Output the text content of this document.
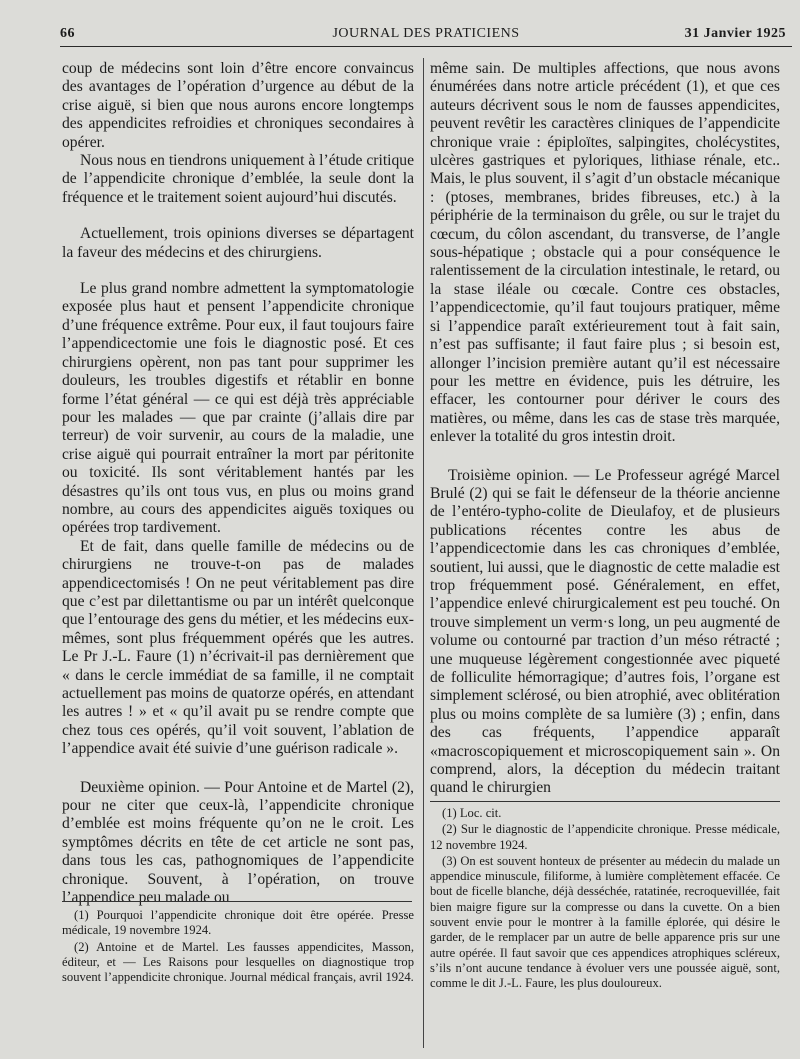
66	JOURNAL DES PRATICIENS	31 Janvier 1925

coup de médecins sont loin d’être encore convaincus des avantages de l’opération d’urgence au début de la crise aiguë, si bien que nous aurons encore longtemps des appendicites refroidies et chroniques secondaires à opérer.

Nous nous en tiendrons uniquement à l’étude critique de l’appendicite chronique d’emblée, la seule dont la fréquence et le traitement soient aujourd’hui discutés.

Actuellement, trois opinions diverses se départagent la faveur des médecins et des chirurgiens.

Le plus grand nombre admettent la symptomatologie exposée plus haut et pensent l’appendicite chronique d’une fréquence extrême. Pour eux, il faut toujours faire l’appendicectomie une fois le diagnostic posé. Et ces chirurgiens opèrent, non pas tant pour supprimer les douleurs, les troubles digestifs et rétablir en bonne forme l’état général — ce qui est déjà très appréciable pour les malades — que par crainte (j’allais dire par terreur) de voir survenir, au cours de la maladie, une crise aiguë qui pourrait entraîner la mort par péritonite ou toxicité. Ils sont véritablement hantés par les désastres qu’ils ont tous vus, en plus ou moins grand nombre, au cours des appendicites aiguës toxiques ou opérées trop tardivement.

Et de fait, dans quelle famille de médecins ou de chirurgiens ne trouve-t-on pas de malades appendicectomisés ! On ne peut véritablement pas dire que c’est par dilettantisme ou par un intérêt quelconque que l’entourage des gens du métier, et les médecins eux-mêmes, sont plus fréquemment opérés que les autres. Le Pr J.-L. Faure (1) n’écrivait-il pas dernièrement que « dans le cercle immédiat de sa famille, il ne comptait actuellement pas moins de quatorze opérés, en attendant les autres ! » et « qu’il avait pu se rendre compte que chez tous ces opérés, qu’il voit souvent, l’ablation de l’appendice avait été suivie d’une guérison radicale ».

Deuxième opinion. — Pour Antoine et de Martel (2), pour ne citer que ceux-là, l’appendicite chronique d’emblée est moins fréquente qu’on ne le croit. Les symptômes décrits en tête de cet article ne sont pas, dans tous les cas, pathognomiques de l’appendicite chronique. Souvent, à l’opération, on trouve l’appendice peu malade ou

même sain. De multiples affections, que nous avons énumérées dans notre article précédent (1), et que ces auteurs décrivent sous le nom de fausses appendicites, peuvent revêtir les caractères cliniques de l’appendicite chronique vraie : épiploïtes, salpingites, cholécystites, ulcères gastriques et pyloriques, lithiase rénale, etc.. Mais, le plus souvent, il s’agit d’un obstacle mécanique : (ptoses, membranes, brides fibreuses, etc.) à la périphérie de la terminaison du grêle, ou sur le trajet du cœcum, du côlon ascendant, du transverse, de l’angle sous-hépatique ; obstacle qui a pour conséquence le ralentissement de la circulation intestinale, le retard, ou la stase iléale ou cœcale. Contre ces obstacles, l’appendicectomie, qu’il faut toujours pratiquer, même si l’appendice paraît extérieurement tout à fait sain, n’est pas suffisante; il faut faire plus ; si besoin est, allonger l’incision première autant qu’il est nécessaire pour les mettre en évidence, puis les détruire, les effacer, les contourner pour dériver le cours des matières, ou même, dans les cas de stase très marquée, enlever la totalité du gros intestin droit.

Troisième opinion. — Le Professeur agrégé Marcel Brulé (2) qui se fait le défenseur de la théorie ancienne de l’entéro-typho-colite de Dieulafoy, et de plusieurs publications récentes contre les abus de l’appendicectomie dans les cas chroniques d’emblée, soutient, lui aussi, que le diagnostic de cette maladie est trop fréquemment posé. Généralement, en effet, l’appendice enlevé chirurgicalement est peu touché. On trouve simplement un verm·s long, un peu augmenté de volume ou contourné par traction d’un méso rétracté ; une muqueuse légèrement congestionnée avec piqueté de folliculite hémorragique; d’autres fois, l’organe est simplement sclérosé, ou bien atrophié, avec oblitération plus ou moins complète de sa lumière (3) ; enfin, dans des cas fréquents, l’appendice apparaît «macroscopiquement et microscopiquement sain ». On comprend, alors, la déception du médecin traitant quand le chirurgien

(1) Pourquoi l’appendicite chronique doit être opérée. Presse médicale, 19 novembre 1924.

(2) Antoine et de Martel. Les fausses appendicites, Masson, éditeur, et — Les Raisons pour lesquelles on diagnostique trop souvent l’appendicite chronique. Journal médical français, avril 1924.

(1) Loc. cit.

(2) Sur le diagnostic de l’appendicite chronique. Presse médicale, 12 novembre 1924.

(3) On est souvent honteux de présenter au médecin du malade un appendice minuscule, filiforme, à lumière complètement effacée. Ce bout de ficelle blanche, déjà desséchée, ratatinée, recroquevillée, fait bien maigre figure sur la compresse ou dans la cuvette. On a bien souvent envie pour le montrer à la famille éplorée, qui désire le garder, de le remplacer par un autre de belle apparence pris sur une autre opérée. Il faut savoir que ces appendices atrophiques scléreux, s’ils n’ont aucune tendance à évoluer vers une poussée aiguë, sont, comme le dit J.-L. Faure, les plus douloureux.
